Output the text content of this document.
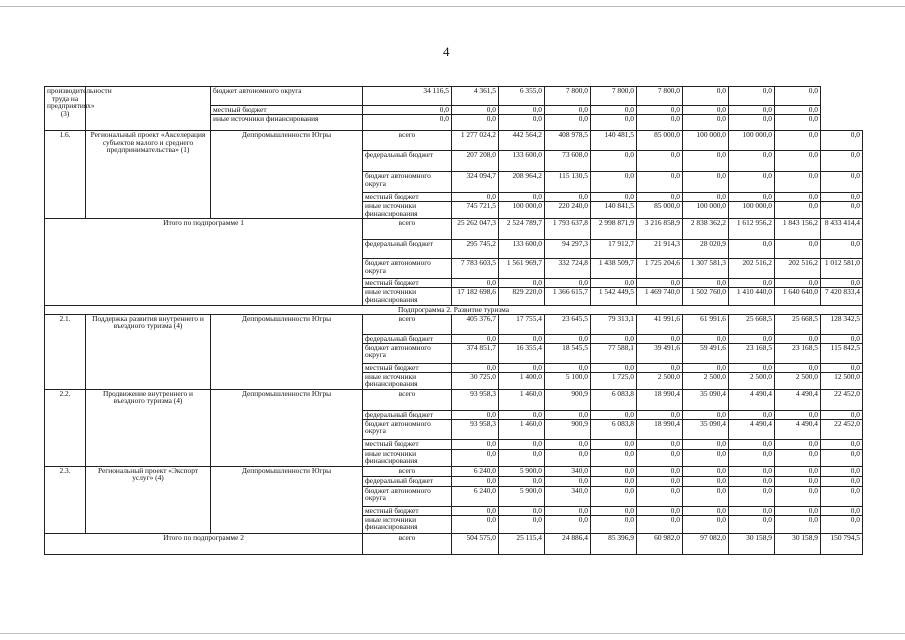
4
производительности труда на предприятиях» (3)		бюджет автономного округа	34 116,5	4 361,5	6 355,0	7 800,0	7 800,0	7 800,0	0,0	0,0	0,0	
		местный бюджет	0,0	0,0	0,0	0,0	0,0	0,0	0,0	0,0	0,0	
		иные источники финансирования	0,0	0,0	0,0	0,0	0,0	0,0	0,0	0,0	0,0	
1.6.	Региональный проект «Акселерация субъектов малого и среднего предпринимательства» (1)	Деппромышленности Югры	всего	1 277 024,2	442 564,2	408 978,5	140 481,5	85 000,0	100 000,0	100 000,0	0,0	0,0
			федеральный бюджет	207 208,0	133 600,0	73 608,0	0,0	0,0	0,0	0,0	0,0	0,0
			бюджет автономного округа	324 094,7	208 964,2	115 130,5	0,0	0,0	0,0	0,0	0,0	0,0
			местный бюджет	0,0	0,0	0,0	0,0	0,0	0,0	0,0	0,0	0,0
			иные источники финансирования	745 721,5	100 000,0	220 240,0	140 841,5	85 000,0	100 000,0	100 000,0	0,0	0,0
Итого по подпрограмме 1			всего	25 262 047,3	2 524 789,7	1 793 637,8	2 998 871,9	3 216 858,9	2 838 362,2	1 612 956,2	1 843 156,2	8 433 414,4
			федеральный бюджет	295 745,2	133 600,0	94 297,3	17 912,7	21 914,3	28 020,9	0,0	0,0	0,0
			бюджет автономного округа	7 783 603,5	1 561 969,7	332 724,8	1 438 509,7	1 725 204,6	1 307 581,3	202 516,2	202 516,2	1 012 581,0
			местный бюджет	0,0	0,0	0,0	0,0	0,0	0,0	0,0	0,0	0,0
			иные источники финансирования	17 182 698,6	829 220,0	1 366 615,7	1 542 449,5	1 469 740,0	1 502 760,0	1 410 440,0	1 640 640,0	7 420 833,4
Подпрограмма 2. Развитие туризма												
2.1.	Поддержка развития внутреннего и въездного туризма (4)	Деппромышленности Югры	всего	405 376,7	17 755,4	23 645,5	79 313,1	41 991,6	61 991,6	25 668,5	25 668,5	128 342,5
			федеральный бюджет	0,0	0,0	0,0	0,0	0,0	0,0	0,0	0,0	0,0
			бюджет автономного округа	374 851,7	16 355,4	18 545,5	77 588,1	39 491,6	59 491,6	23 168,5	23 168,5	115 842,5
			местный бюджет	0,0	0,0	0,0	0,0	0,0	0,0	0,0	0,0	0,0
			иные источники финансирования	30 725,0	1 400,0	5 100,0	1 725,0	2 500,0	2 500,0	2 500,0	2 500,0	12 500,0
2.2.	Продвижение внутреннего и въездного туризма (4)	Деппромышленности Югры	всего	93 958,3	1 460,0	900,9	6 083,8	18 990,4	35 090,4	4 490,4	4 490,4	22 452,0
			федеральный бюджет	0,0	0,0	0,0	0,0	0,0	0,0	0,0	0,0	0,0
			бюджет автономного округа	93 958,3	1 460,0	900,9	6 083,8	18 990,4	35 090,4	4 490,4	4 490,4	22 452,0
			местный бюджет	0,0	0,0	0,0	0,0	0,0	0,0	0,0	0,0	0,0
			иные источники финансирования	0,0	0,0	0,0	0,0	0,0	0,0	0,0	0,0	0,0
2.3.	Региональный проект «Экспорт услуг» (4)	Деппромышленности Югры	всего	6 240,0	5 900,0	340,0	0,0	0,0	0,0	0,0	0,0	0,0
			федеральный бюджет	0,0	0,0	0,0	0,0	0,0	0,0	0,0	0,0	0,0
			бюджет автономного округа	6 240,0	5 900,0	340,0	0,0	0,0	0,0	0,0	0,0	0,0
			местный бюджет	0,0	0,0	0,0	0,0	0,0	0,0	0,0	0,0	0,0
			иные источники финансирования	0,0	0,0	0,0	0,0	0,0	0,0	0,0	0,0	0,0
Итого по подпрограмме 2			всего	504 575,0	25 115,4	24 886,4	85 396,9	60 982,0	97 082,0	30 158,9	30 158,9	150 794,5
